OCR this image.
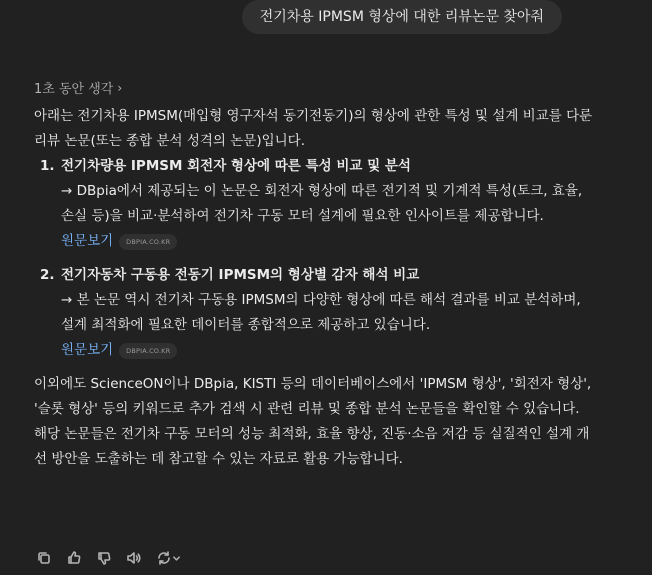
전기차용 IPMSM 형상에 대한 리뷰논문 찾아줘
1초 동안 생각 ›

아래는 전기차용 IPMSM(매입형 영구자석 동기전동기)의 형상에 관한 특성 및 설계 비교를 다룬 리뷰 논문(또는 종합 분석 성격의 논문)입니다.

1. 전기차량용 IPMSM 회전자 형상에 따른 특성 비교 및 분석
→ DBpia에서 제공되는 이 논문은 회전자 형상에 따른 전기적 및 기계적 특성(토크, 효율, 손실 등)을 비교·분석하여 전기차 구동 모터 설계에 필요한 인사이트를 제공합니다.
원문보기	DBPIA.CO.KR
2. 전기자동차 구동용 전동기 IPMSM의 형상별 감자 해석 비교
→ 본 논문 역시 전기차 구동용 IPMSM의 다양한 형상에 따른 해석 결과를 비교 분석하며, 설계 최적화에 필요한 데이터를 종합적으로 제공하고 있습니다.
원문보기	DBPIA.CO.KR

이외에도 ScienceON이나 DBpia, KISTI 등의 데이터베이스에서 'IPMSM 형상', '회전자 형상', '슬롯 형상' 등의 키워드로 추가 검색 시 관련 리뷰 및 종합 분석 논문들을 확인할 수 있습니다.

해당 논문들은 전기차 구동 모터의 성능 최적화, 효율 향상, 진동·소음 저감 등 실질적인 설계 개선 방안을 도출하는 데 참고할 수 있는 자료로 활용 가능합니다.
